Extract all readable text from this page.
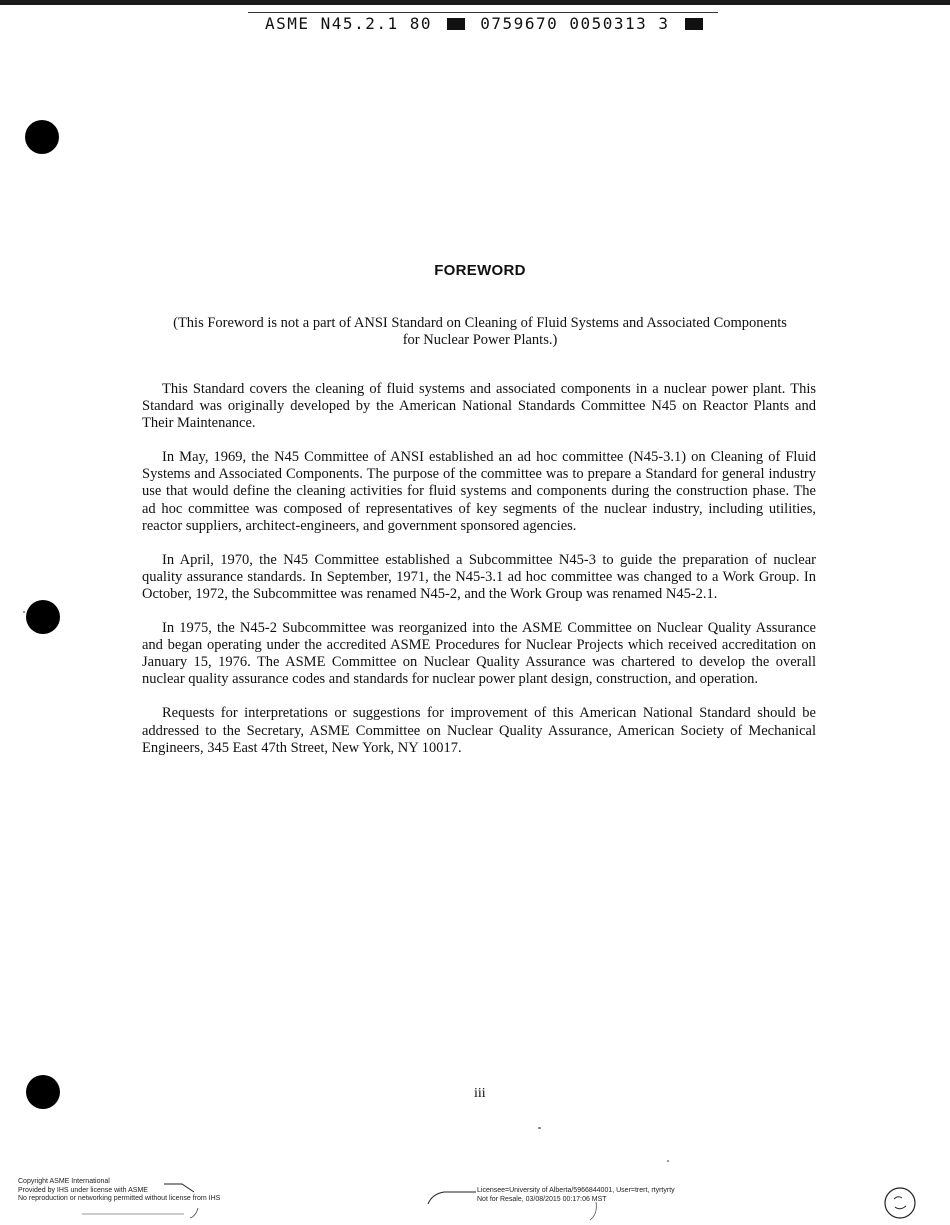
ASME N45.2.1 80	0759670 0050313 3
FOREWORD
(This Foreword is not a part of ANSI Standard on Cleaning of Fluid Systems and Associated Components
for Nuclear Power Plants.)

This Standard covers the cleaning of fluid systems and associated components in a nuclear power plant. This Standard was originally developed by the American National Standards Committee N45 on Reactor Plants and Their Maintenance.

In May, 1969, the N45 Committee of ANSI established an ad hoc committee (N45-3.1) on Cleaning of Fluid Systems and Associated Components. The purpose of the committee was to prepare a Standard for general industry use that would define the cleaning activities for fluid systems and components during the construction phase. The ad hoc committee was composed of representatives of key segments of the nuclear industry, including utilities, reactor suppliers, architect-engineers, and government sponsored agencies.

In April, 1970, the N45 Committee established a Subcommittee N45-3 to guide the preparation of nuclear quality assurance standards. In September, 1971, the N45-3.1 ad hoc committee was changed to a Work Group. In October, 1972, the Subcommittee was renamed N45-2, and the Work Group was renamed N45-2.1.

In 1975, the N45-2 Subcommittee was reorganized into the ASME Committee on Nuclear Quality Assurance and began operating under the accredited ASME Procedures for Nuclear Projects which received accreditation on January 15, 1976. The ASME Committee on Nuclear Quality Assurance was chartered to develop the overall nuclear quality assurance codes and standards for nuclear power plant design, construction, and operation.

Requests for interpretations or suggestions for improvement of this American National Standard should be addressed to the Secretary, ASME Committee on Nuclear Quality Assurance, American Society of Mechanical Engineers, 345 East 47th Street, New York, NY 10017.

iii
Copyright ASME International
Provided by IHS under license with ASME
No reproduction or networking permitted without license from IHS
Licensee=University of Alberta/5966844001, User=trert, rtyrtyrty
Not for Resale, 03/08/2015 00:17:06 MST
